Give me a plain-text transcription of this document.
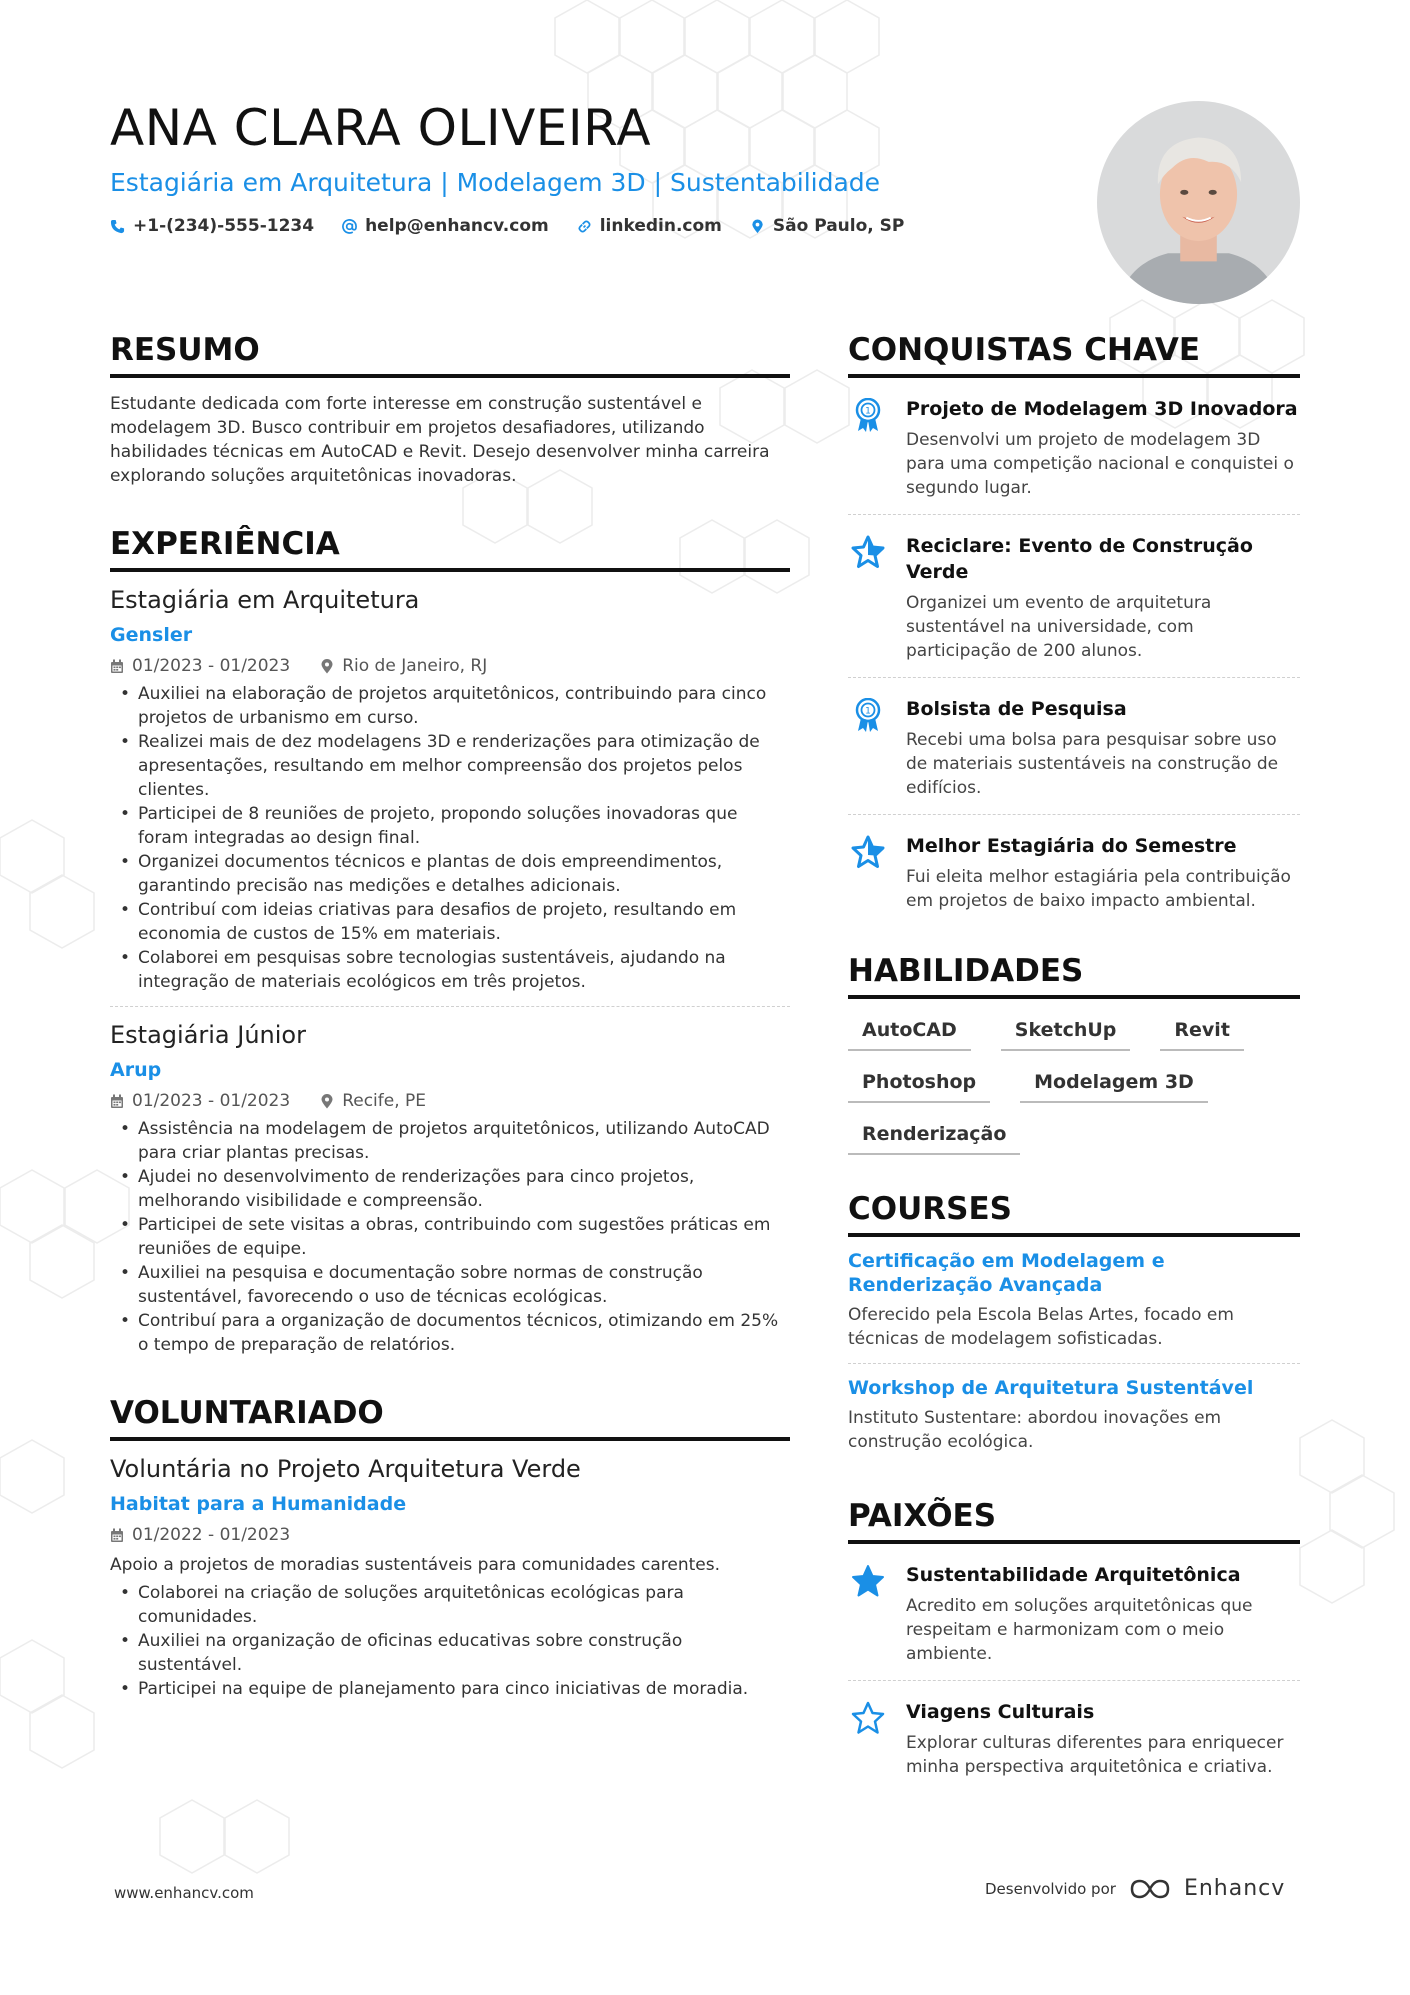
ANA CLARA OLIVEIRA
Estagiária em Arquitetura | Modelagem 3D | Sustentabilidade
+1-(234)-555-1234	help@enhancv.com	linkedin.com	São Paulo, SP
RESUMO

Estudante dedicada com forte interesse em construção sustentável e modelagem 3D. Busco contribuir em projetos desafiadores, utilizando habilidades técnicas em AutoCAD e Revit. Desejo desenvolver minha carreira explorando soluções arquitetônicas inovadoras.

EXPERIÊNCIA
Estagiária em Arquitetura
Gensler
01/2023 - 01/2023	Rio de Janeiro, RJ
• Auxiliei na elaboração de projetos arquitetônicos, contribuindo para cinco projetos de urbanismo em curso.
• Realizei mais de dez modelagens 3D e renderizações para otimização de apresentações, resultando em melhor compreensão dos projetos pelos clientes.
• Participei de 8 reuniões de projeto, propondo soluções inovadoras que foram integradas ao design final.
• Organizei documentos técnicos e plantas de dois empreendimentos, garantindo precisão nas medições e detalhes adicionais.
• Contribuí com ideias criativas para desafios de projeto, resultando em economia de custos de 15% em materiais.
• Colaborei em pesquisas sobre tecnologias sustentáveis, ajudando na integração de materiais ecológicos em três projetos.
Estagiária Júnior
Arup
01/2023 - 01/2023	Recife, PE
• Assistência na modelagem de projetos arquitetônicos, utilizando AutoCAD para criar plantas precisas.
• Ajudei no desenvolvimento de renderizações para cinco projetos, melhorando visibilidade e compreensão.
• Participei de sete visitas a obras, contribuindo com sugestões práticas em reuniões de equipe.
• Auxiliei na pesquisa e documentação sobre normas de construção sustentável, favorecendo o uso de técnicas ecológicas.
• Contribuí para a organização de documentos técnicos, otimizando em 25% o tempo de preparação de relatórios.
VOLUNTARIADO
Voluntária no Projeto Arquitetura Verde
Habitat para a Humanidade
01/2022 - 01/2023

Apoio a projetos de moradias sustentáveis para comunidades carentes.

• Colaborei na criação de soluções arquitetônicas ecológicas para comunidades.
• Auxiliei na organização de oficinas educativas sobre construção sustentável.
• Participei na equipe de planejamento para cinco iniciativas de moradia.
CONQUISTAS CHAVE
1 Projeto de Modelagem 3D Inovadora
Desenvolvi um projeto de modelagem 3D para uma competição nacional e conquistei o segundo lugar.
Reciclare: Evento de Construção Verde
Organizei um evento de arquitetura sustentável na universidade, com participação de 200 alunos.
1 Bolsista de Pesquisa
Recebi uma bolsa para pesquisar sobre uso de materiais sustentáveis na construção de edifícios.
Melhor Estagiária do Semestre
Fui eleita melhor estagiária pela contribuição em projetos de baixo impacto ambiental.
HABILIDADES
AutoCAD	SketchUp	Revit
Photoshop	Modelagem 3D
Renderização
COURSES
Certificação em Modelagem e Renderização Avançada
Oferecido pela Escola Belas Artes, focado em técnicas de modelagem sofisticadas.
Workshop de Arquitetura Sustentável
Instituto Sustentare: abordou inovações em construção ecológica.
PAIXÕES
Sustentabilidade Arquitetônica
Acredito em soluções arquitetônicas que respeitam e harmonizam com o meio ambiente.
Viagens Culturais
Explorar culturas diferentes para enriquecer minha perspectiva arquitetônica e criativa.
www.enhancv.com	Desenvolvido por	Enhancv
